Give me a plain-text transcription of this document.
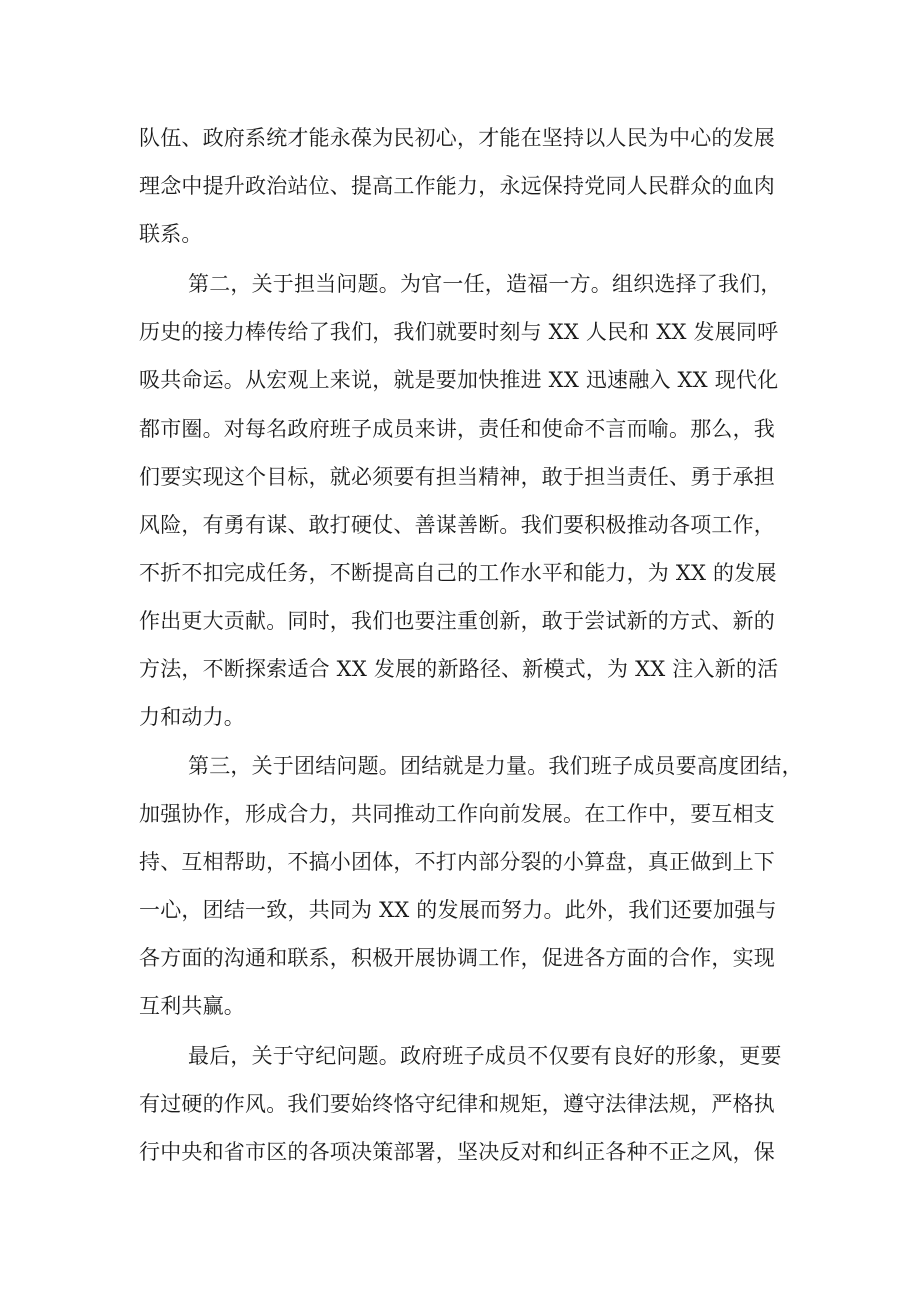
队伍、政府系统才能永葆为民初心，才能在坚持以人民为中心的发展
理念中提升政治站位、提高工作能力，永远保持党同人民群众的血肉
联系。
第二，关于担当问题。为官一任，造福一方。组织选择了我们，
历史的接力棒传给了我们，我们就要时刻与 XX 人民和 XX 发展同呼
吸共命运。从宏观上来说，就是要加快推进 XX 迅速融入 XX 现代化
都市圈。对每名政府班子成员来讲，责任和使命不言而喻。那么，我
们要实现这个目标，就必须要有担当精神，敢于担当责任、勇于承担
风险，有勇有谋、敢打硬仗、善谋善断。我们要积极推动各项工作，
不折不扣完成任务，不断提高自己的工作水平和能力，为 XX 的发展
作出更大贡献。同时，我们也要注重创新，敢于尝试新的方式、新的
方法，不断探索适合 XX 发展的新路径、新模式，为 XX 注入新的活
力和动力。
第三，关于团结问题。团结就是力量。我们班子成员要高度团结，
加强协作，形成合力，共同推动工作向前发展。在工作中，要互相支
持、互相帮助，不搞小团体，不打内部分裂的小算盘，真正做到上下
一心，团结一致，共同为 XX 的发展而努力。此外，我们还要加强与
各方面的沟通和联系，积极开展协调工作，促进各方面的合作，实现
互利共赢。
最后，关于守纪问题。政府班子成员不仅要有良好的形象，更要
有过硬的作风。我们要始终恪守纪律和规矩，遵守法律法规，严格执
行中央和省市区的各项决策部署，坚决反对和纠正各种不正之风，保
